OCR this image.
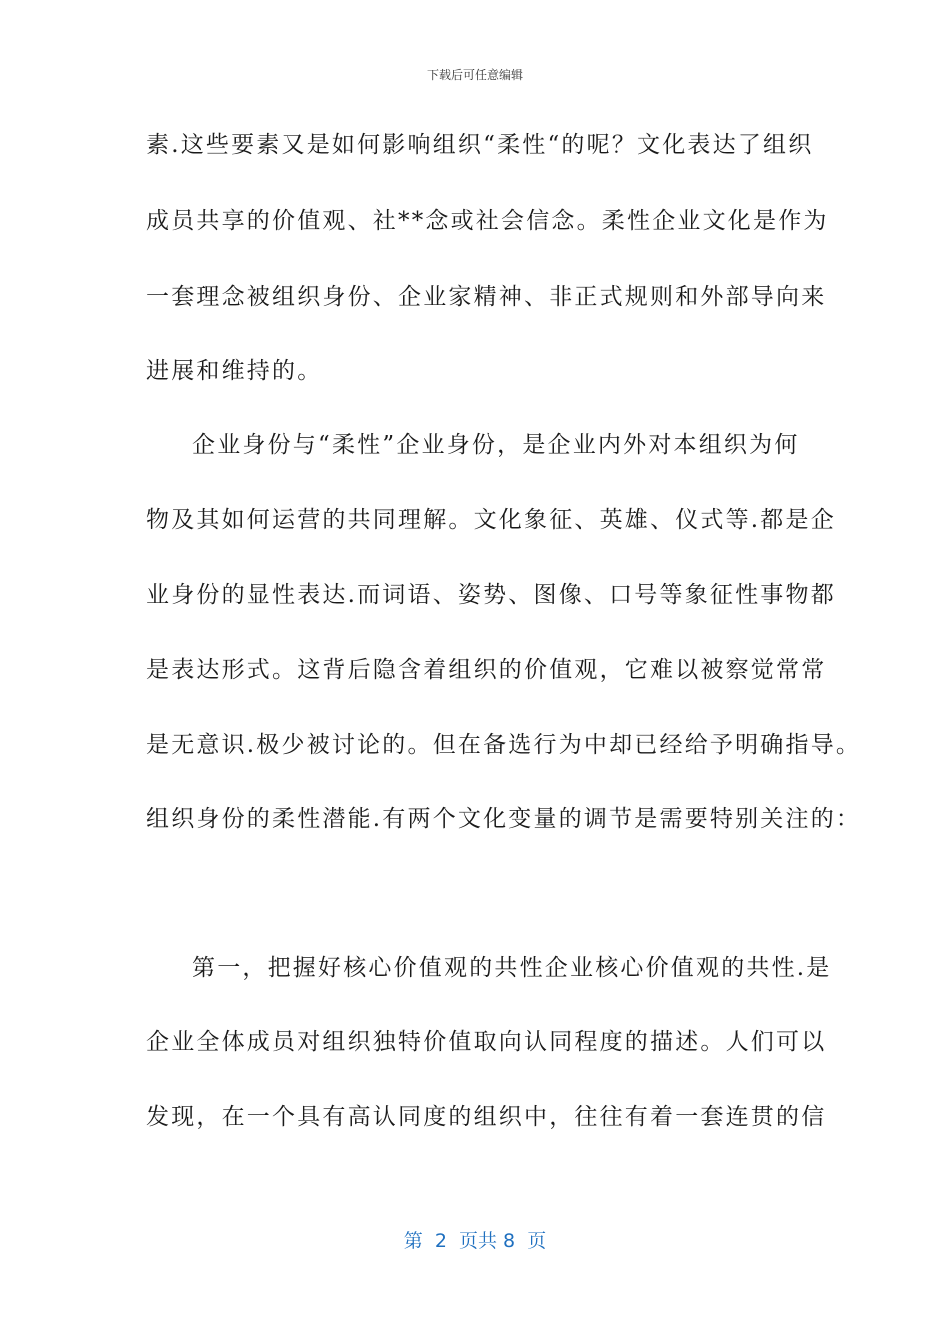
下载后可任意编辑
素.这些要素又是如何影响组织“柔性“的呢？文化表达了组织
成员共享的价值观、社**念或社会信念。柔性企业文化是作为
一套理念被组织身份、企业家精神、非正式规则和外部导向来
进展和维持的。
企业身份与“柔性”企业身份，是企业内外对本组织为何
物及其如何运营的共同理解。文化象征、英雄、仪式等.都是企
业身份的显性表达.而词语、姿势、图像、口号等象征性事物都
是表达形式。这背后隐含着组织的价值观，它难以被察觉常常
是无意识.极少被讨论的。但在备选行为中却已经给予明确指导。
组织身份的柔性潜能.有两个文化变量的调节是需要特别关注的：
第一，把握好核心价值观的共性企业核心价值观的共性.是
企业全体成员对组织独特价值取向认同程度的描述。人们可以
发现，在一个具有高认同度的组织中，往往有着一套连贯的信
第  2  页共 8  页
